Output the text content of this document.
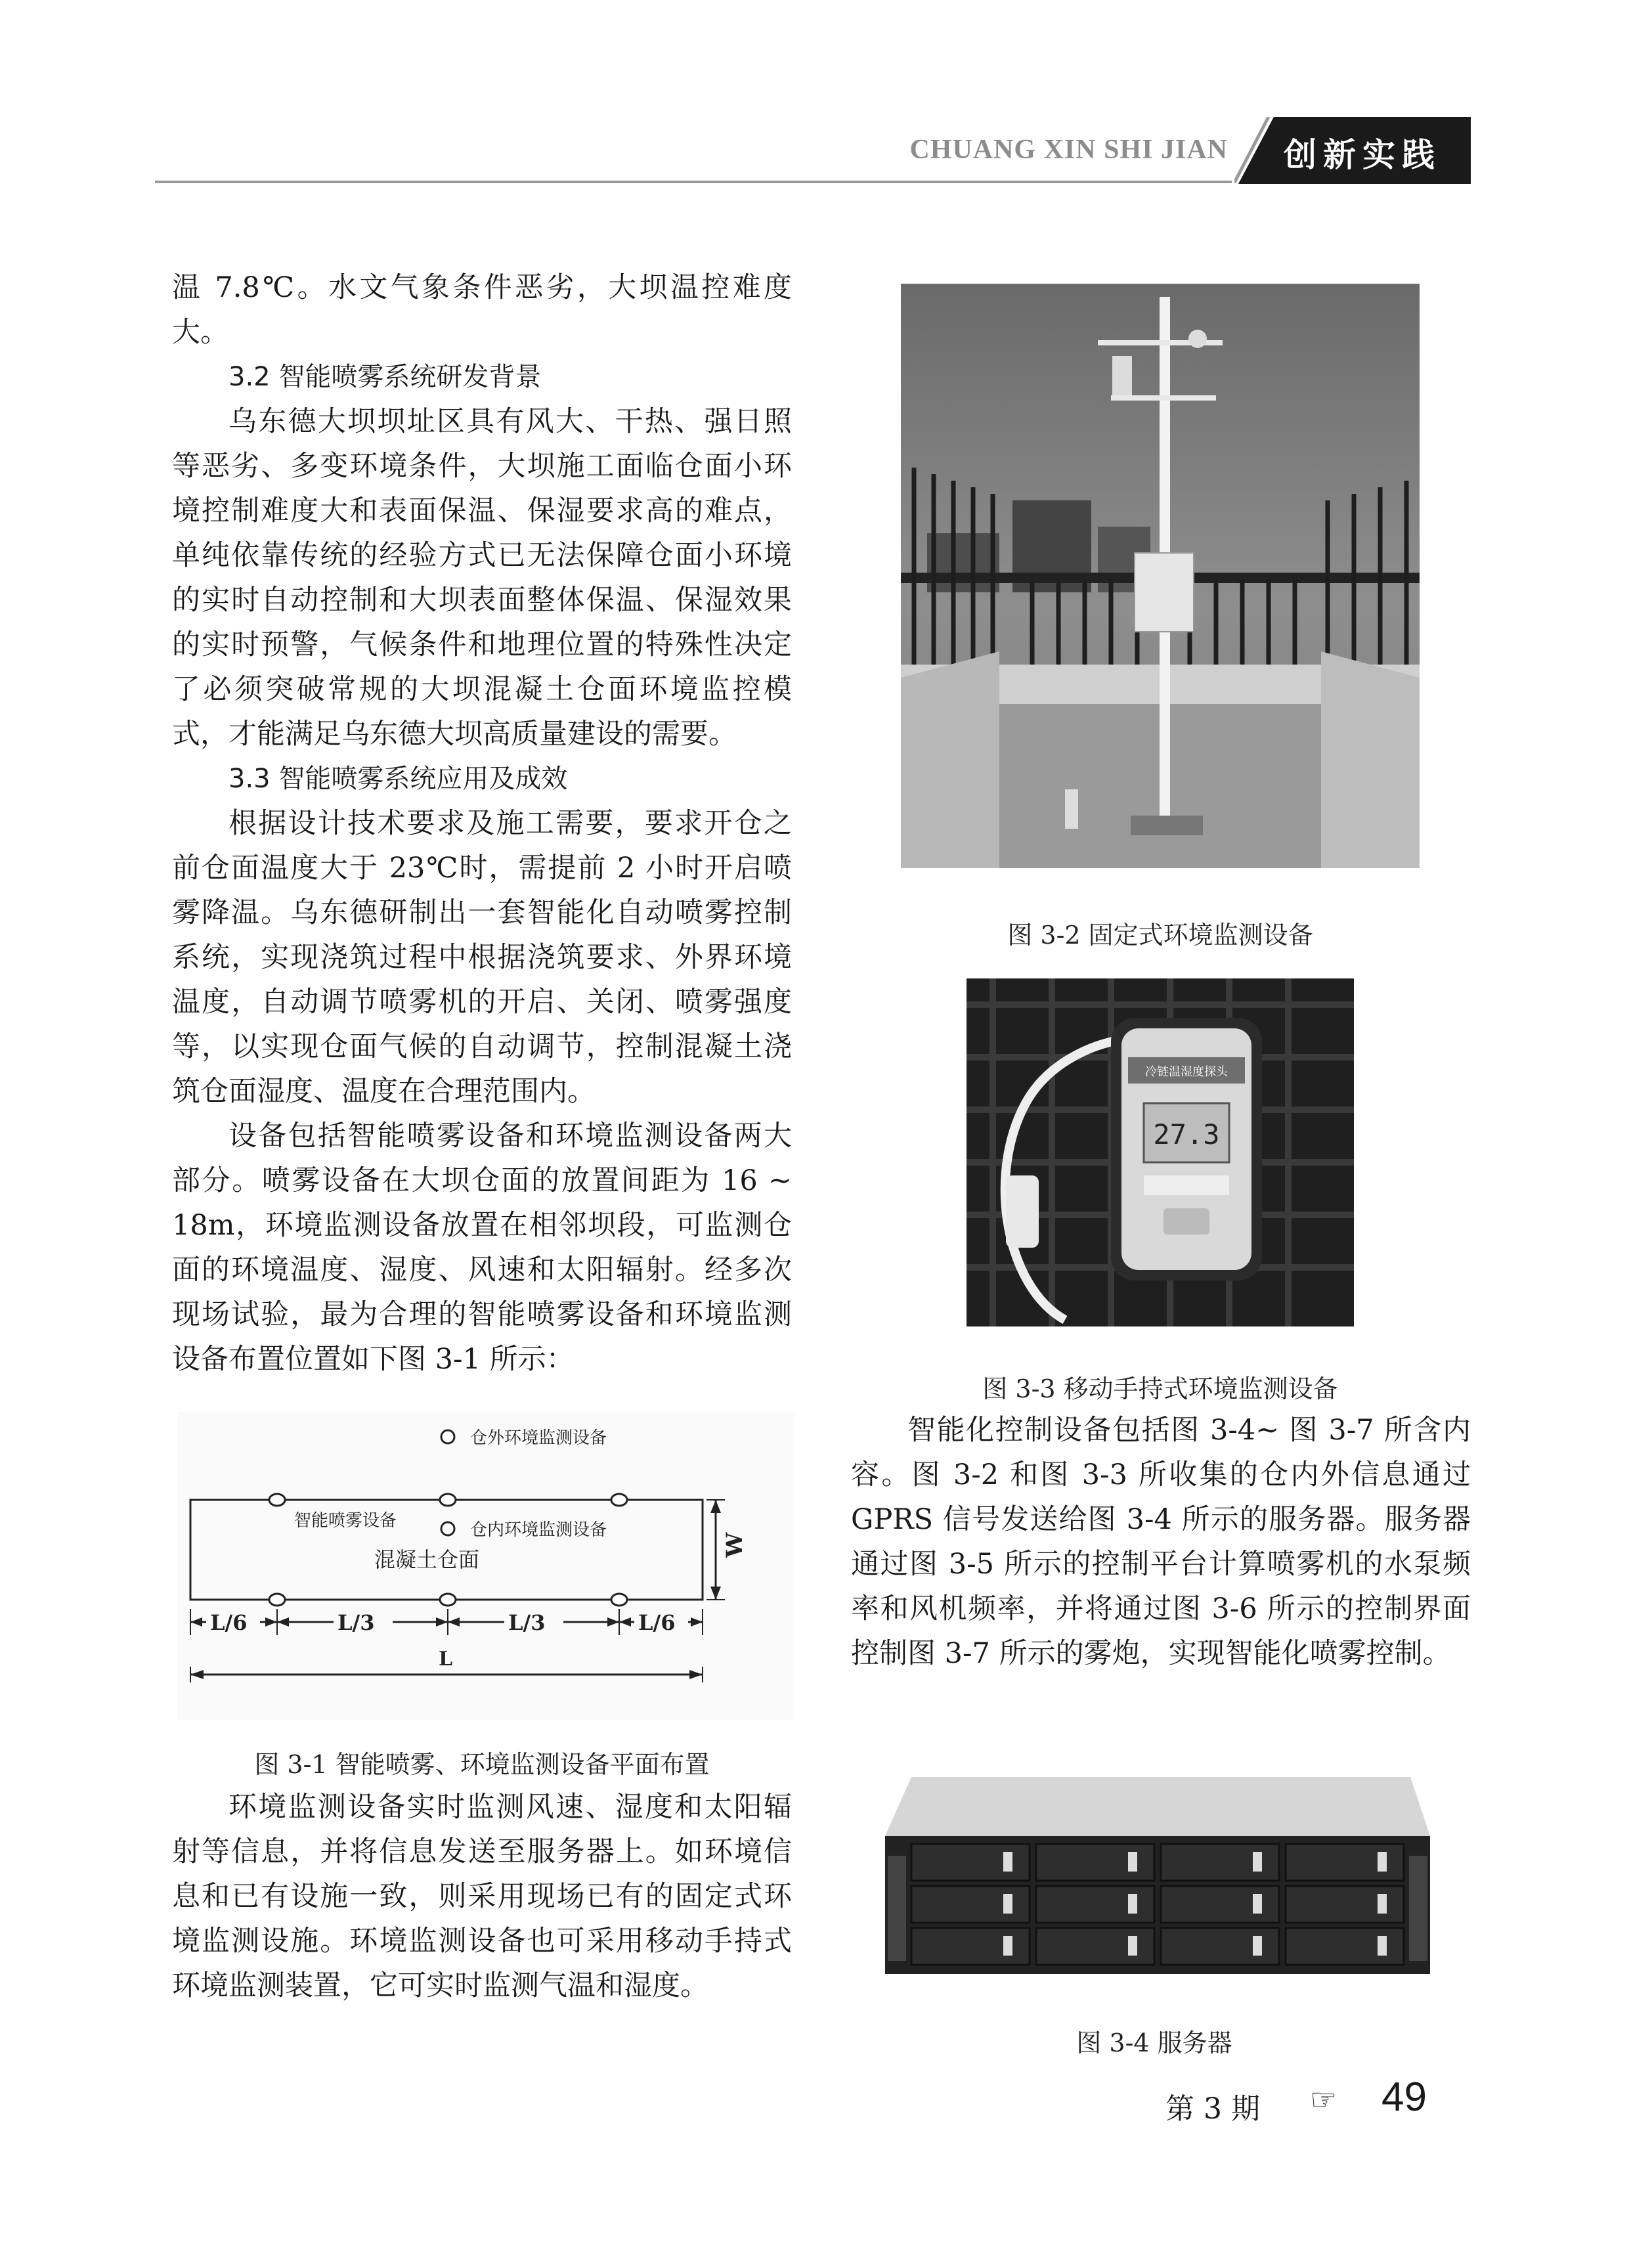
CHUANG XIN SHI JIAN	创新实践

温 7.8℃。水文气象条件恶劣，大坝温控难度大。

3.2 智能喷雾系统研发背景

乌东德大坝坝址区具有风大、干热、强日照等恶劣、多变环境条件，大坝施工面临仓面小环境控制难度大和表面保温、保湿要求高的难点，单纯依靠传统的经验方式已无法保障仓面小环境的实时自动控制和大坝表面整体保温、保湿效果的实时预警，气候条件和地理位置的特殊性决定了必须突破常规的大坝混凝土仓面环境监控模式，才能满足乌东德大坝高质量建设的需要。

3.3 智能喷雾系统应用及成效

根据设计技术要求及施工需要，要求开仓之前仓面温度大于 23℃时，需提前 2 小时开启喷雾降温。乌东德研制出一套智能化自动喷雾控制系统，实现浇筑过程中根据浇筑要求、外界环境温度，自动调节喷雾机的开启、关闭、喷雾强度等，以实现仓面气候的自动调节，控制混凝土浇筑仓面湿度、温度在合理范围内。

设备包括智能喷雾设备和环境监测设备两大部分。喷雾设备在大坝仓面的放置间距为 16 ~ 18m，环境监测设备放置在相邻坝段，可监测仓面的环境温度、湿度、风速和太阳辐射。经多次现场试验，最为合理的智能喷雾设备和环境监测设备布置位置如下图 3-1 所示：

仓外环境监测设备
智能喷雾设备	仓内环境监测设备
混凝土仓面
W
L/6	L/3	L/3	L/6
L
图 3-1 智能喷雾、环境监测设备平面布置

环境监测设备实时监测风速、湿度和太阳辐射等信息，并将信息发送至服务器上。如环境信息和已有设施一致，则采用现场已有的固定式环境监测设施。环境监测设备也可采用移动手持式环境监测装置，它可实时监测气温和湿度。

图 3-2 固定式环境监测设备
冷链温湿度探头
27.3
图 3-3 移动手持式环境监测设备

智能化控制设备包括图 3-4~ 图 3-7 所含内容。图 3-2 和图 3-3 所收集的仓内外信息通过 GPRS 信号发送给图 3-4 所示的服务器。服务器通过图 3-5 所示的控制平台计算喷雾机的水泵频率和风机频率，并将通过图 3-6 所示的控制界面控制图 3-7 所示的雾炮，实现智能化喷雾控制。

图 3-4 服务器
第 3 期 ☞ 49
